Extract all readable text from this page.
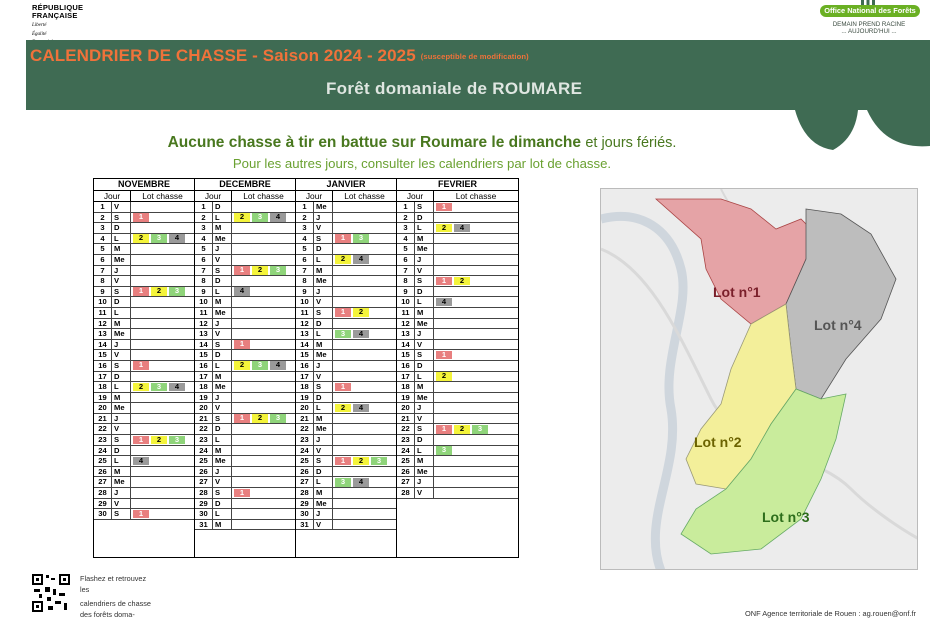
RÉPUBLIQUE
FRANÇAISE
Liberté
Égalité
Office National des Forêts
DEMAIN PREND RACINE
... AUJOURD'HUI ...
CALENDRIER DE CHASSE - Saison 2024 - 2025 (susceptible de modification)
Forêt domaniale de ROUMARE
Aucune chasse à tir en battue sur Roumare le dimanche et jours fériés.
Pour les autres jours, consulter les calendriers par lot de chasse.
NOVEMBRE
Jour	Lot chasse
1	V
2	S	1
3	D
4	L	2	3	4
5	M
6	Me
7	J
8	V
9	S	1	2	3
10 D
11 L
12 M
13 Me
14 J
15 V
16 S	1
17 D
18 L	2	3	4
19 M
20 Me
21 J
22 V
23 S	1	2	3
24 D
25 L	4
26 M
27 Me
28 J
29 V
30 S	1
DECEMBRE
Jour	Lot chasse
1	D
2	L	2	3	4
3	M
4	Me
5	J
6	V
7	S	1	2	3
8	D
9	L	4
10 M
11 Me
12 J
13 V
14 S	1
15 D
16 L	2	3	4
17 M
18 Me
19 J
20 V
21 S	1	2	3
22 D
23 L
24 M
25 Me
26 J
27 V
28 S	1
29 D
30 L
31 M
JANVIER
Jour	Lot chasse
1	Me
2	J
3	V
4	S	1	3
5	D
6	L	2	4
7	M
8	Me
9	J
10 V
11 S	1	2
12 D
13 L	3	4
14 M
15 Me
16 J
17 V
18 S	1
19 D
20 L	2	4
21 M
22 Me
23 J
24 V
25 S	1	2	3
26 D
27 L	3	4
28 M
29 Me
30 J
31 V
FEVRIER
Jour	Lot chasse
1	S	1
2	D
3	L	2	4
4	M
5	Me
6	J
7	V
8	S	1	2
9	D
10 L	4
11 M
12 Me
13 J
14 V
15 S	1
16 D
17 L	2
18 M
19 Me
20 J
21 V
22 S	1	2	3
23 D
24 L	3
25 M
26 Me
27 J
28 V
Lot n°1
Lot n°2
Lot n°3
Lot n°4
Flashez et retrouvez
les
calendriers de chasse
des forêts doma-	ONF Agence territoriale de Rouen : ag.rouen@onf.fr
